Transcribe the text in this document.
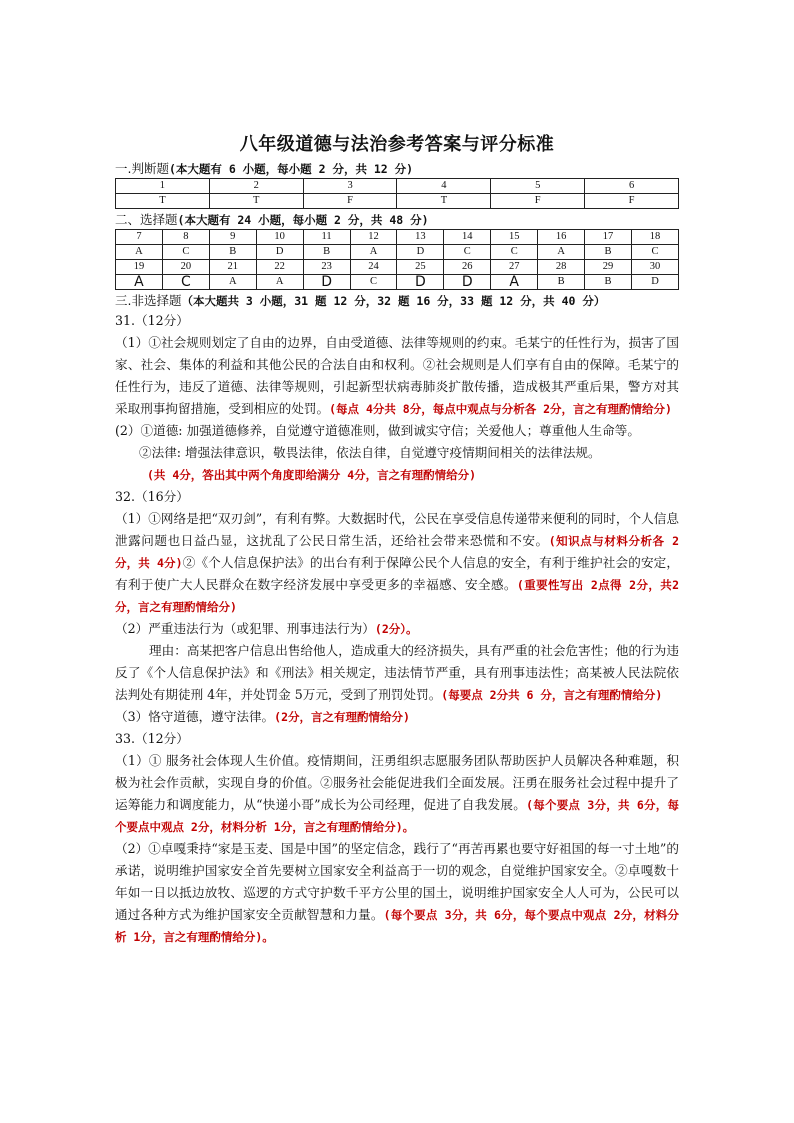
八年级道德与法治参考答案与评分标准

一.判断题(本大题有 6 小题，每小题 2 分，共 12 分)

1	2	3	4	5	6
T	T	F	T	F	F

二、选择题(本大题有 24 小题，每小题 2 分，共 48 分)

7	8	9	10	11	12	13	14	15	16	17	18
A	C	B	D	B	A	D	C	C	A	B	C
19	20	21	22	23	24	25	26	27	28	29	30
A	C	A	A	D	C	D	D	A	B	B	D

三.非选择题（本大题共 3 小题，31 题 12 分，32 题 16 分，33 题 12 分，共 40 分）

31.（12分）

（1）①社会规则划定了自由的边界，自由受道德、法律等规则的约束。毛某宁的任性行为，损害了国家、社会、集体的利益和其他公民的合法自由和权利。②社会规则是人们享有自由的保障。毛某宁的任性行为，违反了道德、法律等规则，引起新型状病毒肺炎扩散传播，造成极其严重后果，警方对其采取刑事拘留措施，受到相应的处罚。(每点 4分共 8分，每点中观点与分析各 2分，言之有理酌情给分)

(2）①道德: 加强道德修养，自觉遵守道德准则，做到诚实守信；关爱他人；尊重他人生命等。

②法律: 增强法律意识，敬畏法律，依法自律，自觉遵守疫情期间相关的法律法规。

(共 4分，答出其中两个角度即给满分 4分，言之有理酌情给分)

32.（16分）

（1）①网络是把“双刃剑”，有利有弊。大数据时代，公民在享受信息传递带来便利的同时，个人信息泄露问题也日益凸显，这扰乱了公民日常生活，还给社会带来恐慌和不安。(知识点与材料分析各 2 分，共 4分)②《个人信息保护法》的出台有利于保障公民个人信息的安全，有利于维护社会的安定，有利于使广大人民群众在数字经济发展中享受更多的幸福感、安全感。(重要性写出 2点得 2分，共2分，言之有理酌情给分)

（2）严重违法行为（或犯罪、刑事违法行为）(2分）。

理由：高某把客户信息出售给他人，造成重大的经济损失，具有严重的社会危害性；他的行为违反了《个人信息保护法》和《刑法》相关规定，违法情节严重，具有刑事违法性；高某被人民法院依法判处有期徒刑 4年，并处罚金 5万元，受到了刑罚处罚。(每要点 2分共 6 分，言之有理酌情给分)

（3）恪守道德，遵守法律。(2分，言之有理酌情给分)

33.（12分）

（1）① 服务社会体现人生价值。疫情期间，汪勇组织志愿服务团队帮助医护人员解决各种难题，积极为社会作贡献，实现自身的价值。②服务社会能促进我们全面发展。汪勇在服务社会过程中提升了运筹能力和调度能力，从“快递小哥”成长为公司经理，促进了自我发展。(每个要点 3分，共 6分，每个要点中观点 2分，材料分析 1分，言之有理酌情给分)。

（2）①卓嘎秉持“家是玉麦、国是中国”的坚定信念，践行了“再苦再累也要守好祖国的每一寸土地”的承诺，说明维护国家安全首先要树立国家安全利益高于一切的观念，自觉维护国家安全。②卓嘎数十年如一日以抵边放牧、巡逻的方式守护数千平方公里的国土，说明维护国家安全人人可为，公民可以通过各种方式为维护国家安全贡献智慧和力量。(每个要点 3分，共 6分，每个要点中观点 2分，材料分析 1分，言之有理酌情给分)。
